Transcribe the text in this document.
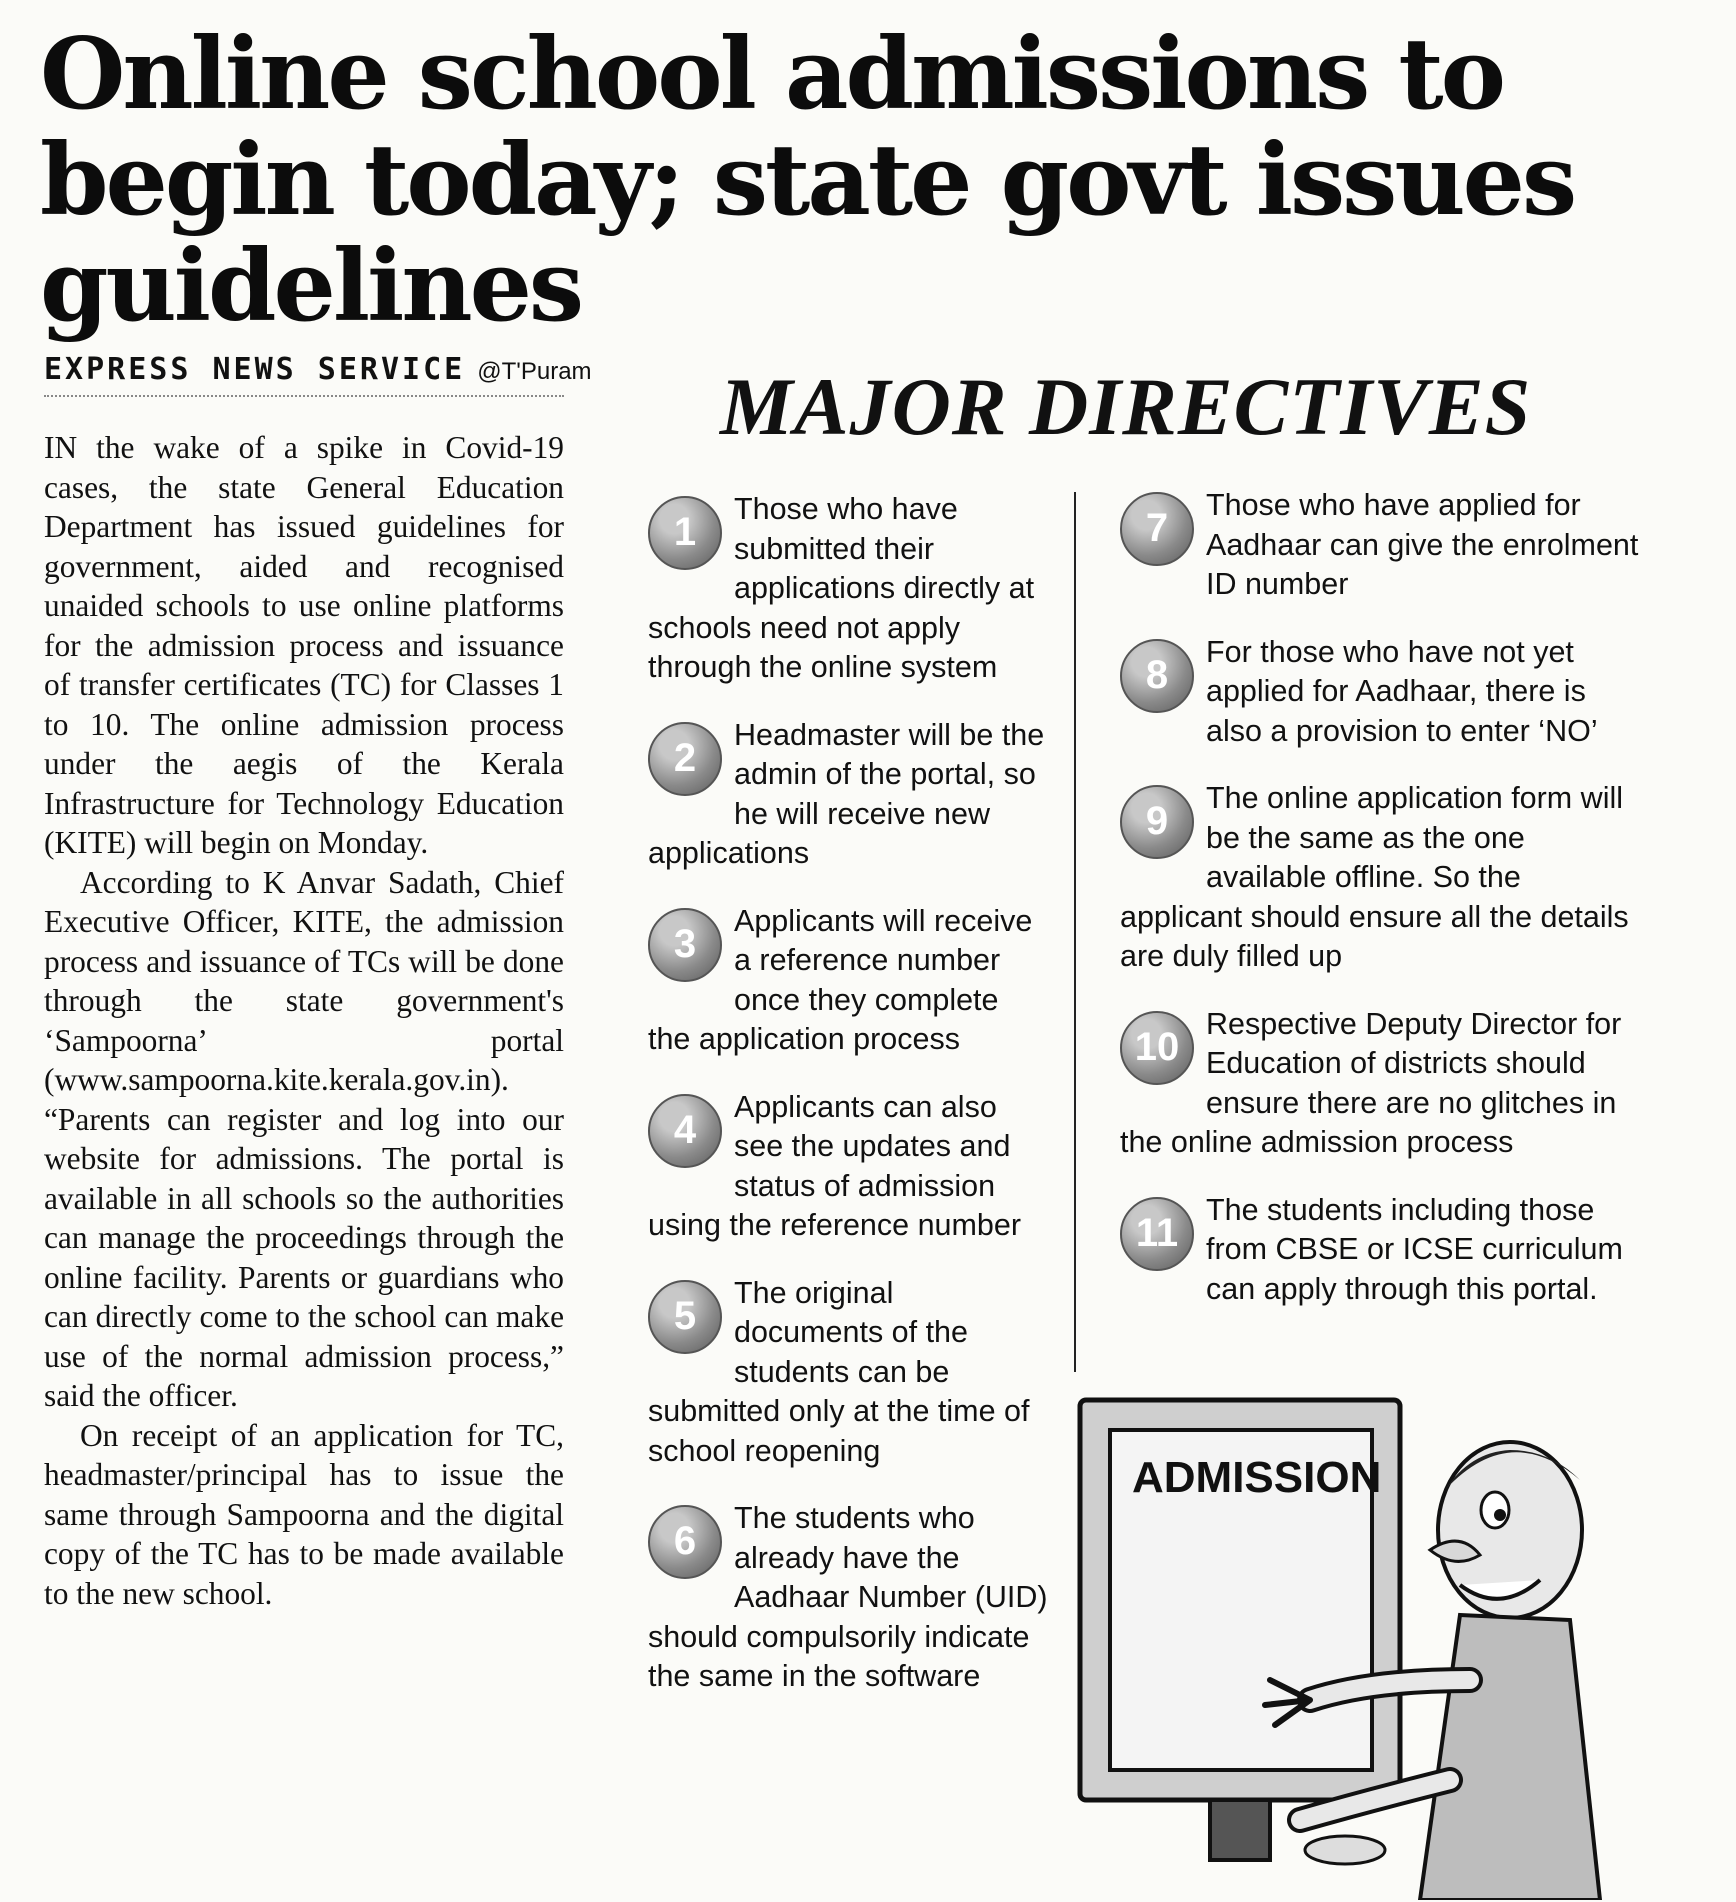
Online school admissions to begin today; state govt issues guidelines
EXPRESS NEWS SERVICE @T'Puram

IN the wake of a spike in Covid-19 cases, the state General Education Department has issued guidelines for government, aided and recognised unaided schools to use online platforms for the admission process and issuance of transfer certificates (TC) for Classes 1 to 10. The online admission process under the aegis of the Kerala Infrastructure for Technology Education (KITE) will begin on Monday.

According to K Anvar Sadath, Chief Executive Officer, KITE, the admission process and issuance of TCs will be done through the state government's ‘Sampoorna’ portal (www.sampoorna.kite.kerala.gov.in). “Parents can register and log into our website for admissions. The portal is available in all schools so the authorities can manage the proceedings through the online facility. Parents or guardians who can directly come to the school can make use of the normal admission process,” said the officer.

On receipt of an application for TC, headmaster/principal has to issue the same through Sampoorna and the digital copy of the TC has to be made available to the new school.

MAJOR DIRECTIVES
1
Those who have submitted their applications directly at schools need not apply through the online system
2
Headmaster will be the admin of the portal, so he will receive new applications
3
Applicants will receive a reference number once they complete the application process
4
Applicants can also see the updates and status of admission using the reference number
5
The original documents of the students can be submitted only at the time of school reopening
6
The students who already have the Aadhaar Number (UID) should compulsorily indicate the same in the software
7
Those who have applied for Aadhaar can give the enrolment ID number
8
For those who have not yet applied for Aadhaar, there is also a provision to enter ‘NO’
9
The online application form will be the same as the one available offline. So the applicant should ensure all the details are duly filled up
10
Respective Deputy Director for Education of districts should ensure there are no glitches in the online admission process
11
The students including those from CBSE or ICSE curriculum can apply through this portal.
ADMISSION
